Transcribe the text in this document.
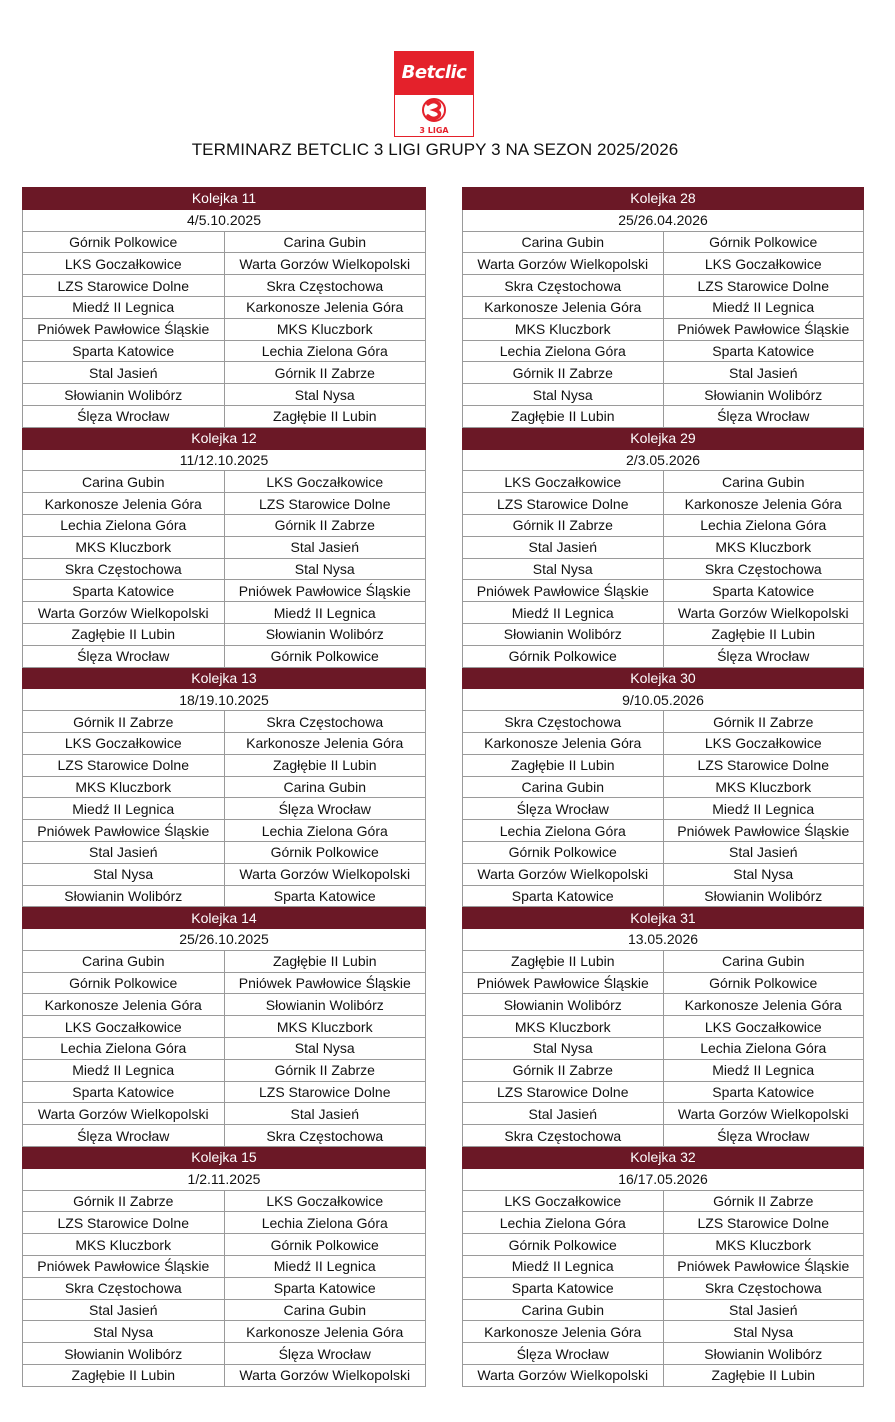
Betclic
3 LIGA
TERMINARZ BETCLIC 3 LIGI GRUPY 3 NA SEZON 2025/2026
Kolejka 11	
4/5.10.2025	
Górnik Polkowice	Carina Gubin
LKS Goczałkowice	Warta Gorzów Wielkopolski
LZS Starowice Dolne	Skra Częstochowa
Miedź II Legnica	Karkonosze Jelenia Góra
Pniówek Pawłowice Śląskie	MKS Kluczbork
Sparta Katowice	Lechia Zielona Góra
Stal Jasień	Górnik II Zabrze
Słowianin Wolibórz	Stal Nysa
Ślęza Wrocław	Zagłębie II Lubin
Kolejka 12	
11/12.10.2025	
Carina Gubin	LKS Goczałkowice
Karkonosze Jelenia Góra	LZS Starowice Dolne
Lechia Zielona Góra	Górnik II Zabrze
MKS Kluczbork	Stal Jasień
Skra Częstochowa	Stal Nysa
Sparta Katowice	Pniówek Pawłowice Śląskie
Warta Gorzów Wielkopolski	Miedź II Legnica
Zagłębie II Lubin	Słowianin Wolibórz
Ślęza Wrocław	Górnik Polkowice
Kolejka 13	
18/19.10.2025	
Górnik II Zabrze	Skra Częstochowa
LKS Goczałkowice	Karkonosze Jelenia Góra
LZS Starowice Dolne	Zagłębie II Lubin
MKS Kluczbork	Carina Gubin
Miedź II Legnica	Ślęza Wrocław
Pniówek Pawłowice Śląskie	Lechia Zielona Góra
Stal Jasień	Górnik Polkowice
Stal Nysa	Warta Gorzów Wielkopolski
Słowianin Wolibórz	Sparta Katowice
Kolejka 14	
25/26.10.2025	
Carina Gubin	Zagłębie II Lubin
Górnik Polkowice	Pniówek Pawłowice Śląskie
Karkonosze Jelenia Góra	Słowianin Wolibórz
LKS Goczałkowice	MKS Kluczbork
Lechia Zielona Góra	Stal Nysa
Miedź II Legnica	Górnik II Zabrze
Sparta Katowice	LZS Starowice Dolne
Warta Gorzów Wielkopolski	Stal Jasień
Ślęza Wrocław	Skra Częstochowa
Kolejka 15	
1/2.11.2025	
Górnik II Zabrze	LKS Goczałkowice
LZS Starowice Dolne	Lechia Zielona Góra
MKS Kluczbork	Górnik Polkowice
Pniówek Pawłowice Śląskie	Miedź II Legnica
Skra Częstochowa	Sparta Katowice
Stal Jasień	Carina Gubin
Stal Nysa	Karkonosze Jelenia Góra
Słowianin Wolibórz	Ślęza Wrocław
Zagłębie II Lubin	Warta Gorzów Wielkopolski
Kolejka 28	
25/26.04.2026	
Carina Gubin	Górnik Polkowice
Warta Gorzów Wielkopolski	LKS Goczałkowice
Skra Częstochowa	LZS Starowice Dolne
Karkonosze Jelenia Góra	Miedź II Legnica
MKS Kluczbork	Pniówek Pawłowice Śląskie
Lechia Zielona Góra	Sparta Katowice
Górnik II Zabrze	Stal Jasień
Stal Nysa	Słowianin Wolibórz
Zagłębie II Lubin	Ślęza Wrocław
Kolejka 29	
2/3.05.2026	
LKS Goczałkowice	Carina Gubin
LZS Starowice Dolne	Karkonosze Jelenia Góra
Górnik II Zabrze	Lechia Zielona Góra
Stal Jasień	MKS Kluczbork
Stal Nysa	Skra Częstochowa
Pniówek Pawłowice Śląskie	Sparta Katowice
Miedź II Legnica	Warta Gorzów Wielkopolski
Słowianin Wolibórz	Zagłębie II Lubin
Górnik Polkowice	Ślęza Wrocław
Kolejka 30	
9/10.05.2026	
Skra Częstochowa	Górnik II Zabrze
Karkonosze Jelenia Góra	LKS Goczałkowice
Zagłębie II Lubin	LZS Starowice Dolne
Carina Gubin	MKS Kluczbork
Ślęza Wrocław	Miedź II Legnica
Lechia Zielona Góra	Pniówek Pawłowice Śląskie
Górnik Polkowice	Stal Jasień
Warta Gorzów Wielkopolski	Stal Nysa
Sparta Katowice	Słowianin Wolibórz
Kolejka 31	
13.05.2026	
Zagłębie II Lubin	Carina Gubin
Pniówek Pawłowice Śląskie	Górnik Polkowice
Słowianin Wolibórz	Karkonosze Jelenia Góra
MKS Kluczbork	LKS Goczałkowice
Stal Nysa	Lechia Zielona Góra
Górnik II Zabrze	Miedź II Legnica
LZS Starowice Dolne	Sparta Katowice
Stal Jasień	Warta Gorzów Wielkopolski
Skra Częstochowa	Ślęza Wrocław
Kolejka 32	
16/17.05.2026	
LKS Goczałkowice	Górnik II Zabrze
Lechia Zielona Góra	LZS Starowice Dolne
Górnik Polkowice	MKS Kluczbork
Miedź II Legnica	Pniówek Pawłowice Śląskie
Sparta Katowice	Skra Częstochowa
Carina Gubin	Stal Jasień
Karkonosze Jelenia Góra	Stal Nysa
Ślęza Wrocław	Słowianin Wolibórz
Warta Gorzów Wielkopolski	Zagłębie II Lubin
